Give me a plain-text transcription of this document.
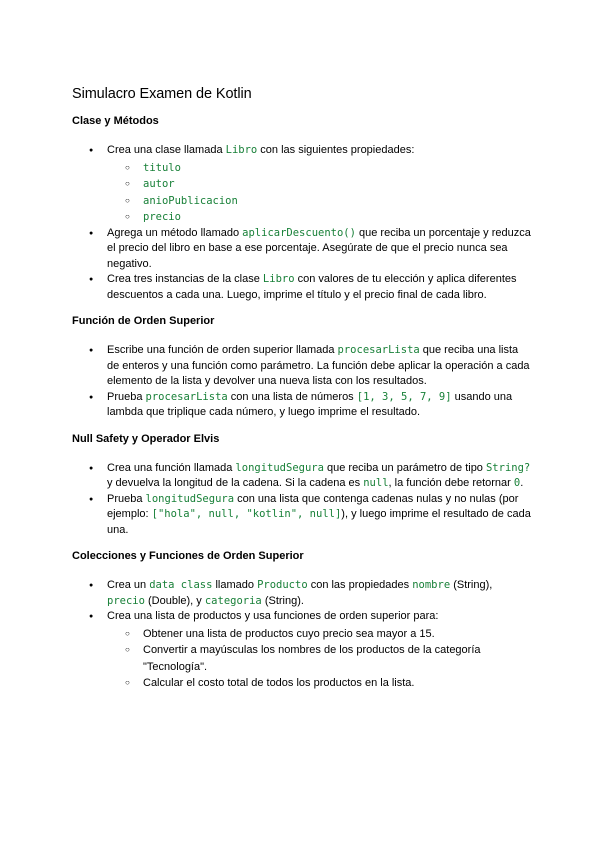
Simulacro Examen de Kotlin
Clase y Métodos
● Crea una clase llamada Libro con las siguientes propiedades:
○ titulo
○ autor
○ anioPublicacion
○ precio
● Agrega un método llamado aplicarDescuento() que reciba un porcentaje y reduzca el precio del libro en base a ese porcentaje. Asegúrate de que el precio nunca sea negativo.
● Crea tres instancias de la clase Libro con valores de tu elección y aplica diferentes descuentos a cada una. Luego, imprime el título y el precio final de cada libro.
Función de Orden Superior
● Escribe una función de orden superior llamada procesarLista que reciba una lista de enteros y una función como parámetro. La función debe aplicar la operación a cada elemento de la lista y devolver una nueva lista con los resultados.
● Prueba procesarLista con una lista de números [1, 3, 5, 7, 9] usando una lambda que triplique cada número, y luego imprime el resultado.
Null Safety y Operador Elvis
● Crea una función llamada longitudSegura que reciba un parámetro de tipo String? y devuelva la longitud de la cadena. Si la cadena es null, la función debe retornar 0.
● Prueba longitudSegura con una lista que contenga cadenas nulas y no nulas (por ejemplo: ["hola", null, "kotlin", null]), y luego imprime el resultado de cada una.
Colecciones y Funciones de Orden Superior
● Crea un data class llamado Producto con las propiedades nombre (String), precio (Double), y categoria (String).
● Crea una lista de productos y usa funciones de orden superior para:
○ Obtener una lista de productos cuyo precio sea mayor a 15.
○ Convertir a mayúsculas los nombres de los productos de la categoría "Tecnología".
○ Calcular el costo total de todos los productos en la lista.
